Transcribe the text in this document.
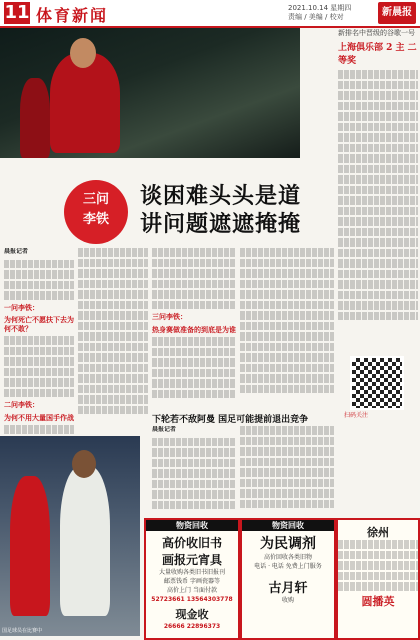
11 体育新闻	2021.10.14 星期四
责编 / 美编 / 校对	新晨报
三问
李铁
谈困难头头是道
讲问题遮遮掩掩
晨报记者
一问李铁：
为何死亡不愿扶下去为何不敢？
二问李铁：
为何不用大量国手作战
三问李铁：
热身赛做准备的到底是为谁
下轮若不敌阿曼 国足可能提前退出竞争
晨报记者
国足球员在比赛中
新排名中晋级的谷歌一号
上海俱乐部 2 主 二等奖
扫码关注
物资回收
高价收旧书
画报元宵具
大量收购各类旧书旧报刊
邮票钱币 字画瓷器等
高价上门 当面付款
52723661 13564303778
现金收
26666 22896373
物资回收
为民调剂
高价回收各类旧物
电话 · 电话 免费上门服务
古月轩
收购
徐州
圆播英
